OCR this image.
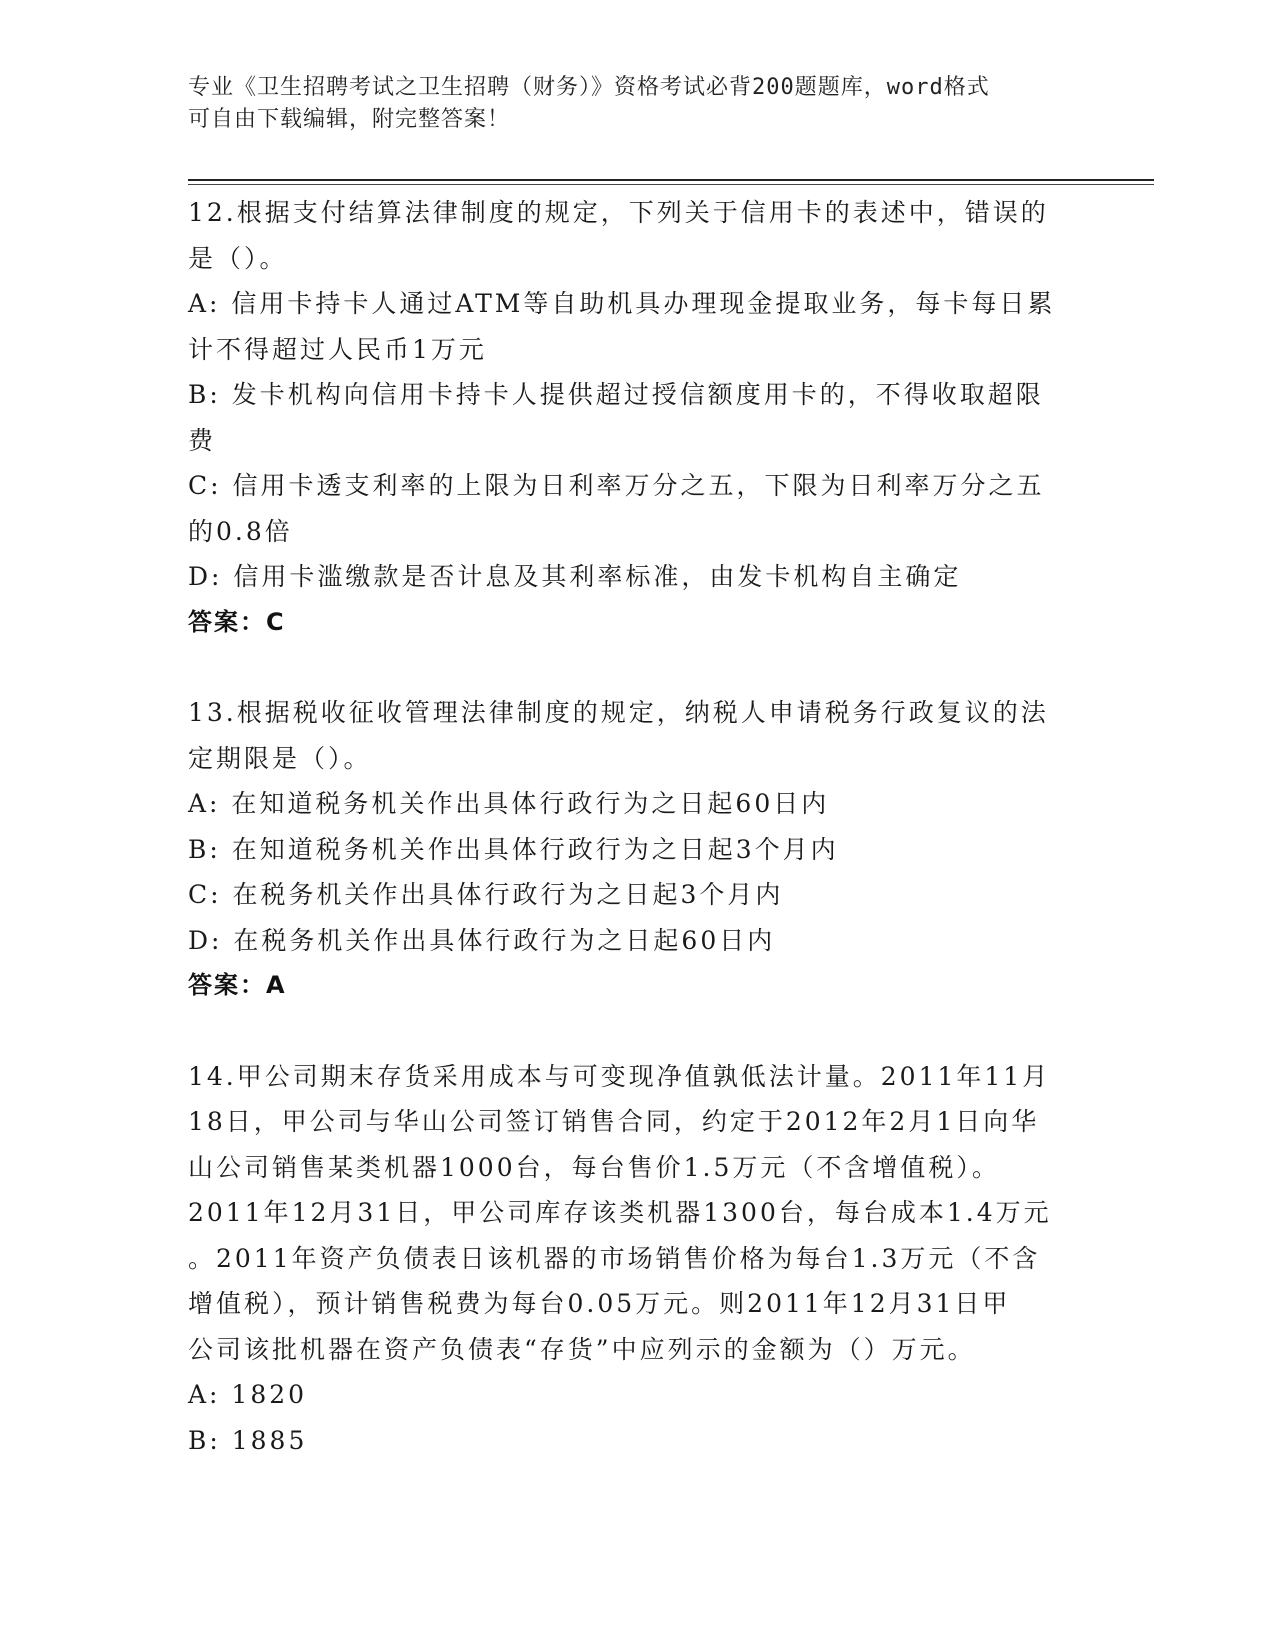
专业《卫生招聘考试之卫生招聘（财务）》资格考试必背200题题库，word格式
可自由下载编辑，附完整答案！
12.根据支付结算法律制度的规定，下列关于信用卡的表述中，错误的
是（）。
A: 信用卡持卡人通过ATM等自助机具办理现金提取业务，每卡每日累
计不得超过人民币1万元
B: 发卡机构向信用卡持卡人提供超过授信额度用卡的，不得收取超限
费
C: 信用卡透支利率的上限为日利率万分之五，下限为日利率万分之五
的0.8倍
D: 信用卡滥缴款是否计息及其利率标准，由发卡机构自主确定
答案：C
13.根据税收征收管理法律制度的规定，纳税人申请税务行政复议的法
定期限是（）。
A: 在知道税务机关作出具体行政行为之日起60日内
B: 在知道税务机关作出具体行政行为之日起3个月内
C: 在税务机关作出具体行政行为之日起3个月内
D: 在税务机关作出具体行政行为之日起60日内
答案：A
14.甲公司期末存货采用成本与可变现净值孰低法计量。2011年11月
18日，甲公司与华山公司签订销售合同，约定于2012年2月1日向华
山公司销售某类机器1000台，每台售价1.5万元（不含增值税）。
2011年12月31日，甲公司库存该类机器1300台，每台成本1.4万元
。2011年资产负债表日该机器的市场销售价格为每台1.3万元（不含
增值税），预计销售税费为每台0.05万元。则2011年12月31日甲
公司该批机器在资产负债表“存货”中应列示的金额为（）万元。
A: 1820
B: 1885
